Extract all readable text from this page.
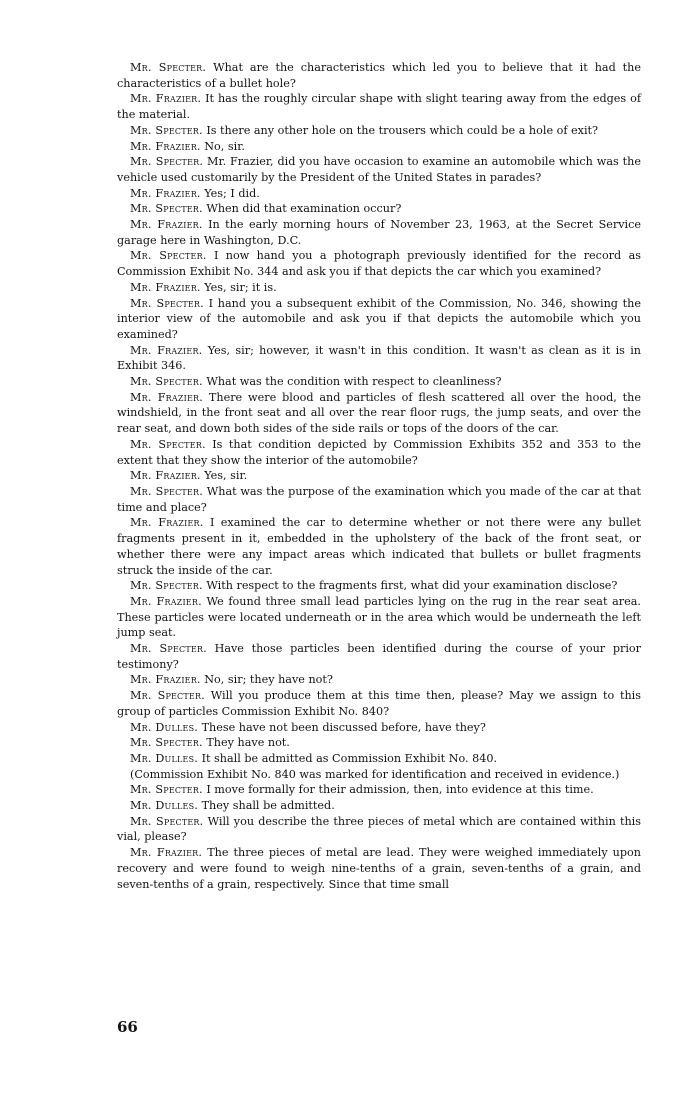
Mr. Specter. What are the characteristics which led you to believe that it had the characteristics of a bullet hole?

Mr. Frazier. It has the roughly circular shape with slight tearing away from the edges of the material.

Mr. Specter. Is there any other hole on the trousers which could be a hole of exit?

Mr. Frazier. No, sir.

Mr. Specter. Mr. Frazier, did you have occasion to examine an automobile which was the vehicle used customarily by the President of the United States in parades?

Mr. Frazier. Yes; I did.

Mr. Specter. When did that examination occur?

Mr. Frazier. In the early morning hours of November 23, 1963, at the Secret Service garage here in Washington, D.C.

Mr. Specter. I now hand you a photograph previously identified for the record as Commission Exhibit No. 344 and ask you if that depicts the car which you examined?

Mr. Frazier. Yes, sir; it is.

Mr. Specter. I hand you a subsequent exhibit of the Commission, No. 346, showing the interior view of the automobile and ask you if that depicts the automobile which you examined?

Mr. Frazier. Yes, sir; however, it wasn't in this condition. It wasn't as clean as it is in Exhibit 346.

Mr. Specter. What was the condition with respect to cleanliness?

Mr. Frazier. There were blood and particles of flesh scattered all over the hood, the windshield, in the front seat and all over the rear floor rugs, the jump seats, and over the rear seat, and down both sides of the side rails or tops of the doors of the car.

Mr. Specter. Is that condition depicted by Commission Exhibits 352 and 353 to the extent that they show the interior of the automobile?

Mr. Frazier. Yes, sir.

Mr. Specter. What was the purpose of the examination which you made of the car at that time and place?

Mr. Frazier. I examined the car to determine whether or not there were any bullet fragments present in it, embedded in the upholstery of the back of the front seat, or whether there were any impact areas which indicated that bullets or bullet fragments struck the inside of the car.

Mr. Specter. With respect to the fragments first, what did your examination disclose?

Mr. Frazier. We found three small lead particles lying on the rug in the rear seat area. These particles were located underneath or in the area which would be underneath the left jump seat.

Mr. Specter. Have those particles been identified during the course of your prior testimony?

Mr. Frazier. No, sir; they have not?

Mr. Specter. Will you produce them at this time then, please? May we assign to this group of particles Commission Exhibit No. 840?

Mr. Dulles. These have not been discussed before, have they?

Mr. Specter. They have not.

Mr. Dulles. It shall be admitted as Commission Exhibit No. 840.

(Commission Exhibit No. 840 was marked for identification and received in evidence.)

Mr. Specter. I move formally for their admission, then, into evidence at this time.

Mr. Dulles. They shall be admitted.

Mr. Specter. Will you describe the three pieces of metal which are contained within this vial, please?

Mr. Frazier. The three pieces of metal are lead. They were weighed immediately upon recovery and were found to weigh nine-tenths of a grain, seven-tenths of a grain, and seven-tenths of a grain, respectively. Since that time small

66
